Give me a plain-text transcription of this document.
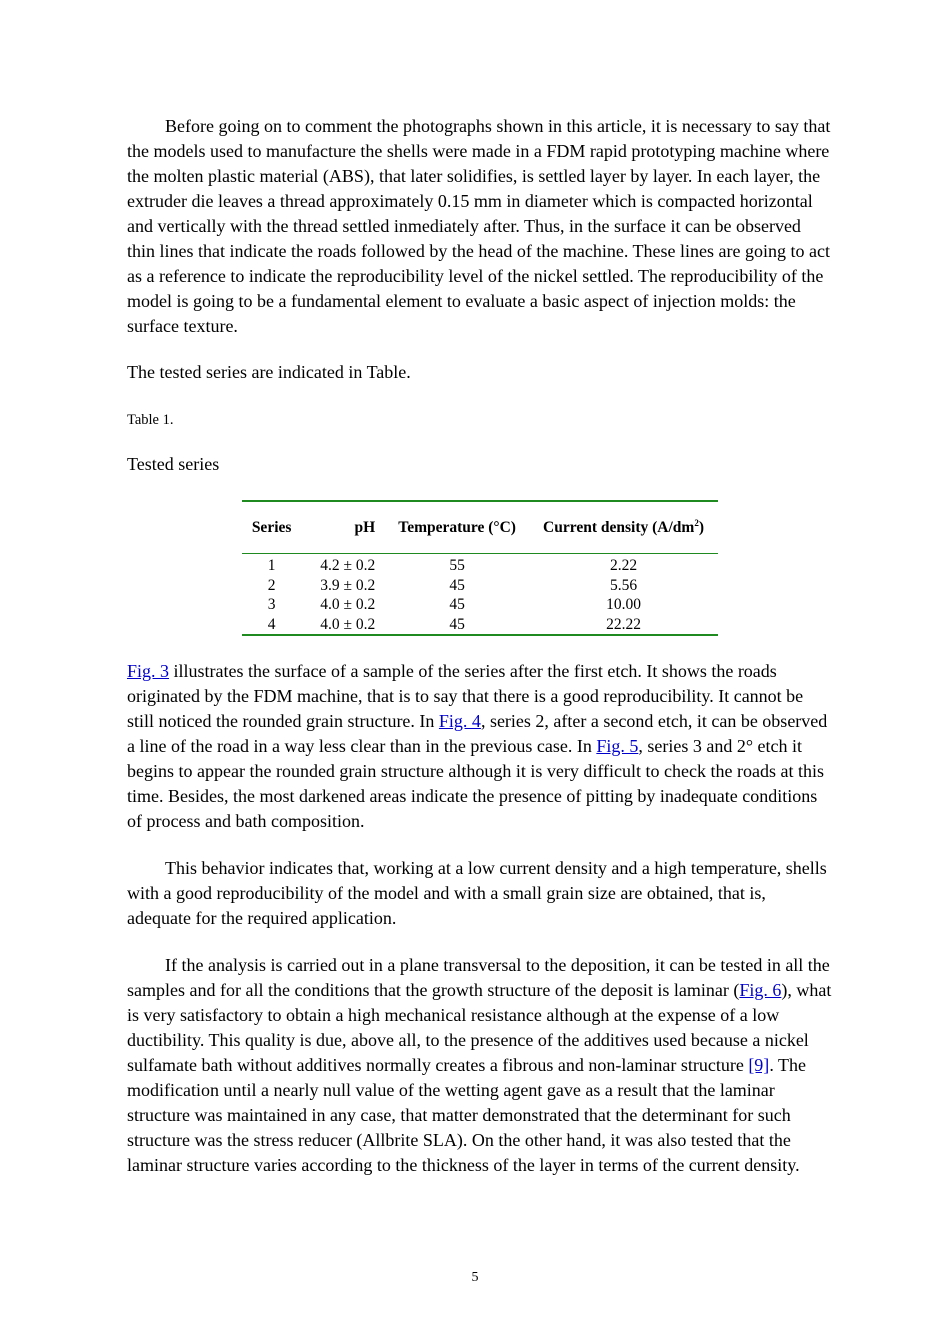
Before going on to comment the photographs shown in this article, it is necessary to say that the models used to manufacture the shells were made in a FDM rapid prototyping machine where the molten plastic material (ABS), that later solidifies, is settled layer by layer. In each layer, the extruder die leaves a thread approximately 0.15 mm in diameter which is compacted horizontal and vertically with the thread settled inmediately after. Thus, in the surface it can be observed thin lines that indicate the roads followed by the head of the machine. These lines are going to act as a reference to indicate the reproducibility level of the nickel settled. The reproducibility of the model is going to be a fundamental element to evaluate a basic aspect of injection molds: the surface texture.

The tested series are indicated in Table.

Table 1.

Tested series

Series	pH	Temperature (°C)	Current density $(A/dm^2)$
1	4.2 ± 0.2	55	2.22
2	3.9 ± 0.2	45	5.56
3	4.0 ± 0.2	45	10.00
4	4.0 ± 0.2	45	22.22

Fig. 3 illustrates the surface of a sample of the series after the first etch. It shows the roads originated by the FDM machine, that is to say that there is a good reproducibility. It cannot be still noticed the rounded grain structure. In Fig. 4, series 2, after a second etch, it can be observed a line of the road in a way less clear than in the previous case. In Fig. 5, series 3 and 2° etch it begins to appear the rounded grain structure although it is very difficult to check the roads at this time. Besides, the most darkened areas indicate the presence of pitting by inadequate conditions of process and bath composition.

This behavior indicates that, working at a low current density and a high temperature, shells with a good reproducibility of the model and with a small grain size are obtained, that is, adequate for the required application.

If the analysis is carried out in a plane transversal to the deposition, it can be tested in all the samples and for all the conditions that the growth structure of the deposit is laminar (Fig. 6), what is very satisfactory to obtain a high mechanical resistance although at the expense of a low ductibility. This quality is due, above all, to the presence of the additives used because a nickel sulfamate bath without additives normally creates a fibrous and non-laminar structure [9]. The modification until a nearly null value of the wetting agent gave as a result that the laminar structure was maintained in any case, that matter demonstrated that the determinant for such structure was the stress reducer (Allbrite SLA). On the other hand, it was also tested that the laminar structure varies according to the thickness of the layer in terms of the current density.

5
